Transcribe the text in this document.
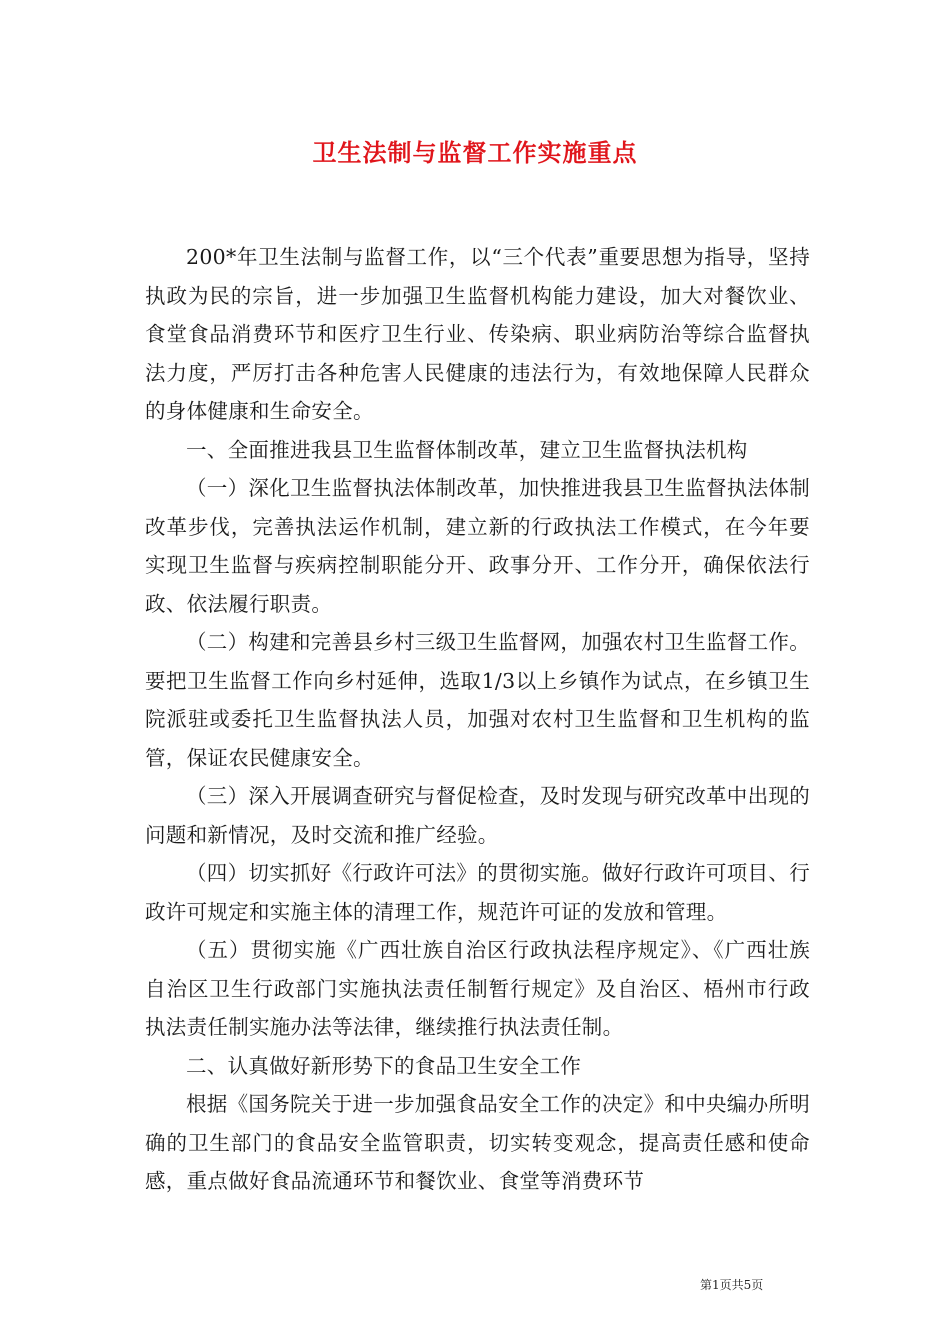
卫生法制与监督工作实施重点

200*年卫生法制与监督工作，以“三个代表”重要思想为指导，坚持执政为民的宗旨，进一步加强卫生监督机构能力建设，加大对餐饮业、食堂食品消费环节和医疗卫生行业、传染病、职业病防治等综合监督执法力度，严厉打击各种危害人民健康的违法行为，有效地保障人民群众的身体健康和生命安全。

一、全面推进我县卫生监督体制改革，建立卫生监督执法机构

（一）深化卫生监督执法体制改革，加快推进我县卫生监督执法体制改革步伐，完善执法运作机制，建立新的行政执法工作模式，在今年要实现卫生监督与疾病控制职能分开、政事分开、工作分开，确保依法行政、依法履行职责。

（二）构建和完善县乡村三级卫生监督网，加强农村卫生监督工作。要把卫生监督工作向乡村延伸，选取1/3以上乡镇作为试点，在乡镇卫生院派驻或委托卫生监督执法人员，加强对农村卫生监督和卫生机构的监管，保证农民健康安全。

（三）深入开展调查研究与督促检查，及时发现与研究改革中出现的问题和新情况，及时交流和推广经验。

（四）切实抓好《行政许可法》的贯彻实施。做好行政许可项目、行政许可规定和实施主体的清理工作，规范许可证的发放和管理。

（五）贯彻实施《广西壮族自治区行政执法程序规定》、《广西壮族自治区卫生行政部门实施执法责任制暂行规定》及自治区、梧州市行政执法责任制实施办法等法律，继续推行执法责任制。

二、认真做好新形势下的食品卫生安全工作

根据《国务院关于进一步加强食品安全工作的决定》和中央编办所明确的卫生部门的食品安全监管职责，切实转变观念，提高责任感和使命感，重点做好食品流通环节和餐饮业、食堂等消费环节

第1页共5页
